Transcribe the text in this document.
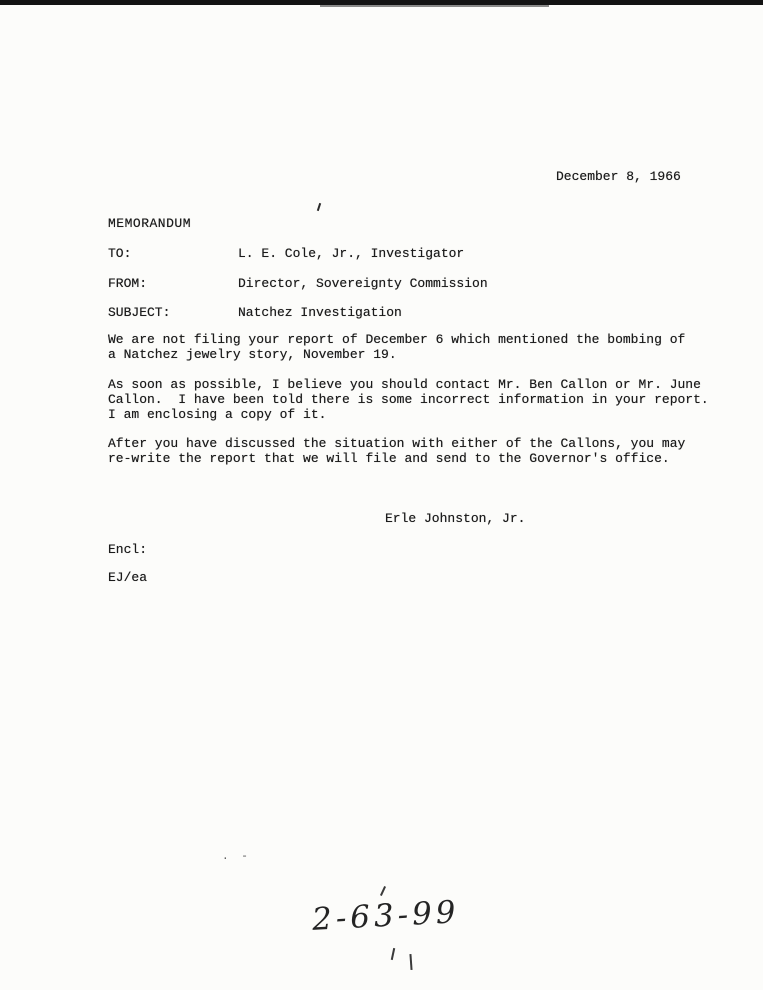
December 8, 1966
MEMORANDUM
TO:	L. E. Cole, Jr., Investigator
FROM:	Director, Sovereignty Commission
SUBJECT:	Natchez Investigation
We are not filing your report of December 6 which mentioned the bombing of
a Natchez jewelry story, November 19.
As soon as possible, I believe you should contact Mr. Ben Callon or Mr. June
Callon.  I have been told there is some incorrect information in your report.
I am enclosing a copy of it.
After you have discussed the situation with either of the Callons, you may
re-write the report that we will file and send to the Governor's office.
Erle Johnston, Jr.
Encl:
EJ/ea
. -
2-63-99
